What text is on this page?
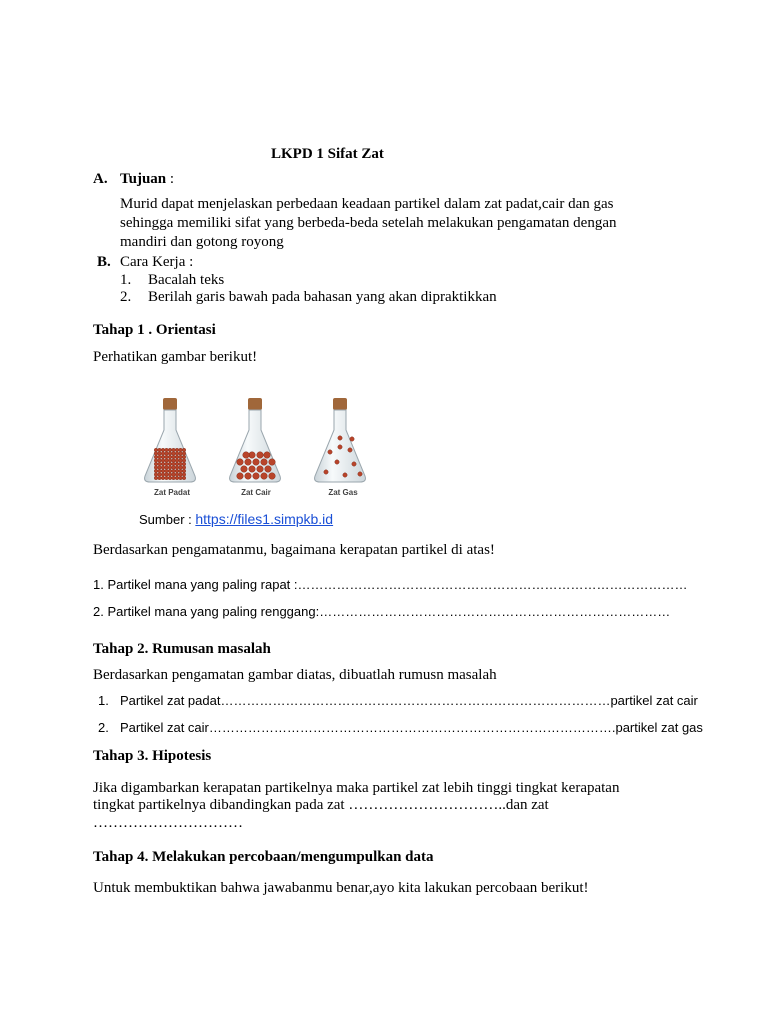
LKPD 1 Sifat Zat
A. Tujuan :
Murid dapat menjelaskan perbedaan keadaan partikel dalam zat padat,cair dan gas
sehingga memiliki sifat yang berbeda-beda setelah melakukan pengamatan dengan
mandiri dan gotong royong
B. Cara Kerja :
1. Bacalah teks
2. Berilah garis bawah pada bahasan yang akan dipraktikkan
Tahap 1 . Orientasi
Perhatikan gambar berikut!
Zat Padat	Zat Cair	Zat Gas
Sumber : https://files1.simpkb.id
Berdasarkan pengamatanmu, bagaimana kerapatan partikel di atas!
1. Partikel mana yang paling rapat :………………………………………………………………………………
2. Partikel mana yang paling renggang:………………………………………………………………………
Tahap 2. Rumusan masalah
Berdasarkan pengamatan gambar diatas, dibuatlah rumusn masalah
1. Partikel zat padat………………………………………………………………………………partikel zat cair
2. Partikel zat cair………………………………………………………………………………….partikel zat gas
Tahap 3. Hipotesis
Jika digambarkan kerapatan partikelnya maka partikel zat lebih tinggi tingkat kerapatan
tingkat partikelnya dibandingkan pada zat …………………………..dan zat
…………………………
Tahap 4. Melakukan percobaan/mengumpulkan data
Untuk membuktikan bahwa jawabanmu benar,ayo kita lakukan percobaan berikut!
